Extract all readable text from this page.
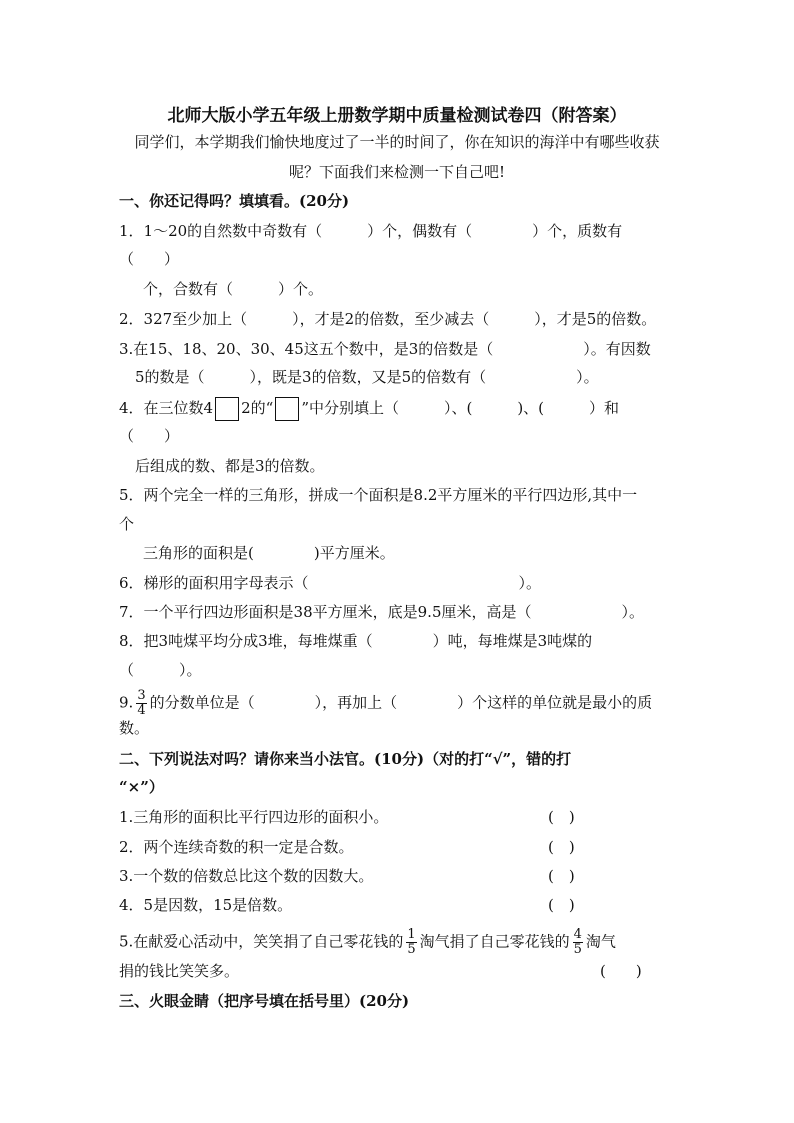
北师大版小学五年级上册数学期中质量检测试卷四（附答案）
同学们，本学期我们愉快地度过了一半的时间了，你在知识的海洋中有哪些收获
呢？下面我们来检测一下自己吧!
一、你还记得吗？填填看。(20分)
1．1～20的自然数中奇数有（　　　）个，偶数有（　　　　）个，质数有
（　　）
个，合数有（　　　）个。
2．327至少加上（　　　），才是2的倍数，至少减去（　　　），才是5的倍数。
3.在15、18、20、30、45这五个数中，是3的倍数是（　　　　　　）。有因数
5的数是（　　　），既是3的倍数，又是5的倍数有（　　　　　　）。
4．在三位数4 2的“ ”中分别填上（　　　）、(　　　)、(　　　）和
（　　）
后组成的数、都是3的倍数。
5．两个完全一样的三角形，拼成一个面积是8.2平方厘米的平行四边形,其中一
个
三角形的面积是(　　　　)平方厘米。
6．梯形的面积用字母表示（　　　　　　　　　　　　　　）。
7．一个平行四边形面积是38平方厘米，底是9.5厘米，高是（　　　　　　）。
8．把3吨煤平均分成3堆，每堆煤重（　　　　）吨，每堆煤是3吨煤的
（　　　）。
9. $\frac{3}{4}$ 的分数单位是（　　　　），再加上（　　　　）个这样的单位就是最小的质
数。
二、下列说法对吗？请你来当小法官。(10分)（对的打“√”，错的打
“×”）
1.三角形的面积比平行四边形的面积小。	(　)
2．两个连续奇数的积一定是合数。	(　)
3.一个数的倍数总比这个数的因数大。	(　)
4．5是因数，15是倍数。	(　)
5.在献爱心活动中，笑笑捐了自己零花钱的 $\frac{1}{5}$ 淘气捐了自己零花钱的 $\frac{4}{5}$ 淘气
捐的钱比笑笑多。	(　　)
三、火眼金睛（把序号填在括号里）(20分)
